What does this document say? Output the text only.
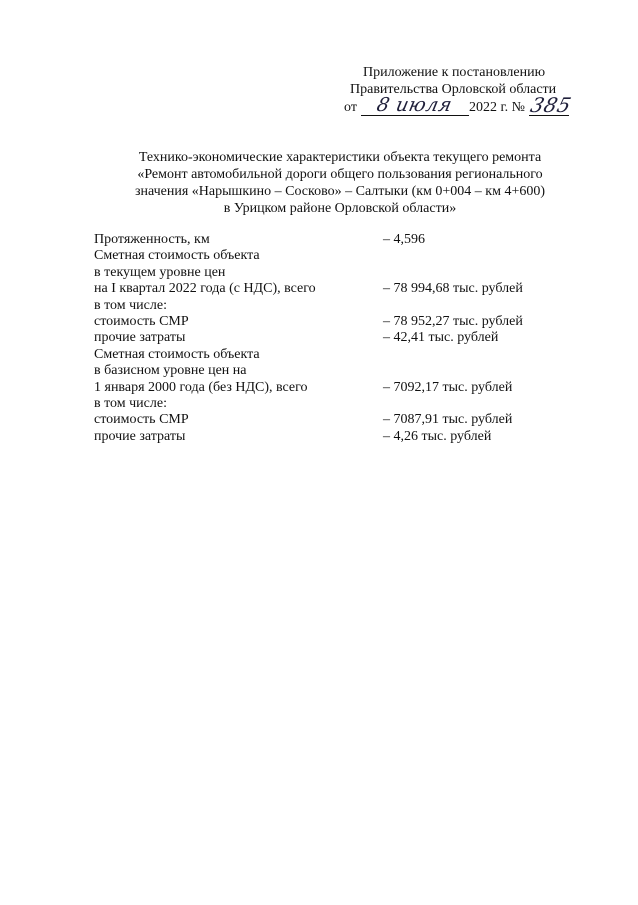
Приложение к постановлению
Правительства Орловской области
от 8 июля 2022 г. № 385
Технико-экономические характеристики объекта текущего ремонта
«Ремонт автомобильной дороги общего пользования регионального
значения «Нарышкино – Сосково» – Салтыки (км 0+004 – км 4+600)
в Урицком районе Орловской области»
Протяженность, км	– 4,596
Сметная стоимость объекта
в текущем уровне цен
на I квартал 2022 года (с НДС), всего	– 78 994,68 тыс. рублей
в том числе:
стоимость СМР	– 78 952,27 тыс. рублей
прочие затраты	– 42,41 тыс. рублей
Сметная стоимость объекта
в базисном уровне цен на
1 января 2000 года (без НДС), всего	– 7092,17 тыс. рублей
в том числе:
стоимость СМР	– 7087,91 тыс. рублей
прочие затраты	– 4,26 тыс. рублей
